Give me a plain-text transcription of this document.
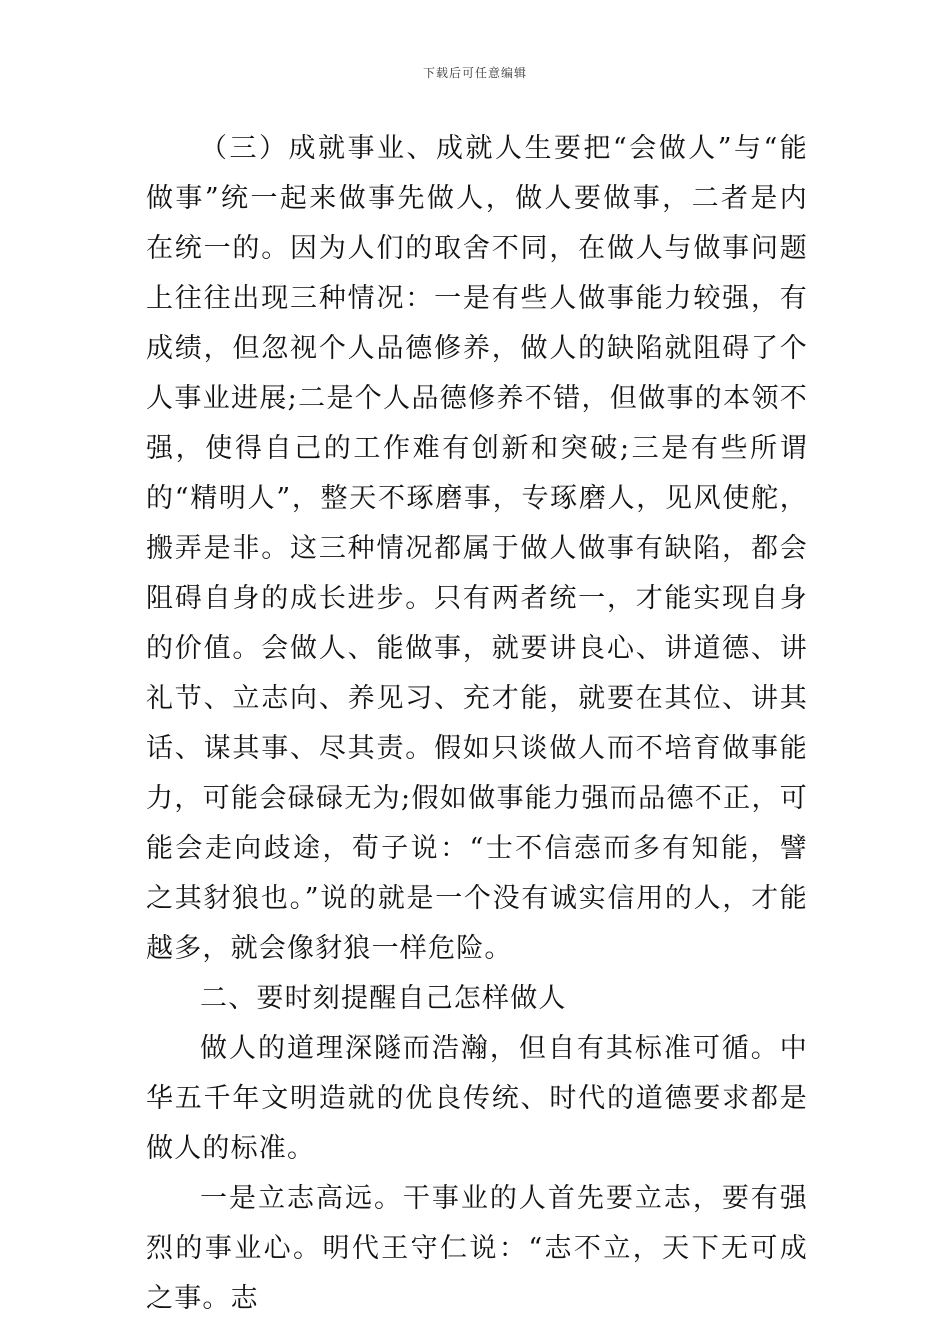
下载后可任意编辑

（三）成就事业、成就人生要把“会做人”与“能做事”统一起来做事先做人，做人要做事，二者是内在统一的。因为人们的取舍不同，在做人与做事问题上往往出现三种情况：一是有些人做事能力较强，有成绩，但忽视个人品德修养，做人的缺陷就阻碍了个人事业进展;二是个人品德修养不错，但做事的本领不强，使得自己的工作难有创新和突破;三是有些所谓的“精明人”，整天不琢磨事，专琢磨人，见风使舵，搬弄是非。这三种情况都属于做人做事有缺陷，都会阻碍自身的成长进步。只有两者统一，才能实现自身的价值。会做人、能做事，就要讲良心、讲道德、讲礼节、立志向、养见习、充才能，就要在其位、讲其话、谋其事、尽其责。假如只谈做人而不培育做事能力，可能会碌碌无为;假如做事能力强而品德不正，可能会走向歧途，荀子说：“士不信悫而多有知能，譬之其豺狼也。”说的就是一个没有诚实信用的人，才能越多，就会像豺狼一样危险。

二、要时刻提醒自己怎样做人

做人的道理深隧而浩瀚，但自有其标准可循。中华五千年文明造就的优良传统、时代的道德要求都是做人的标准。

一是立志高远。干事业的人首先要立志，要有强烈的事业心。明代王守仁说：“志不立，天下无可成之事。志
